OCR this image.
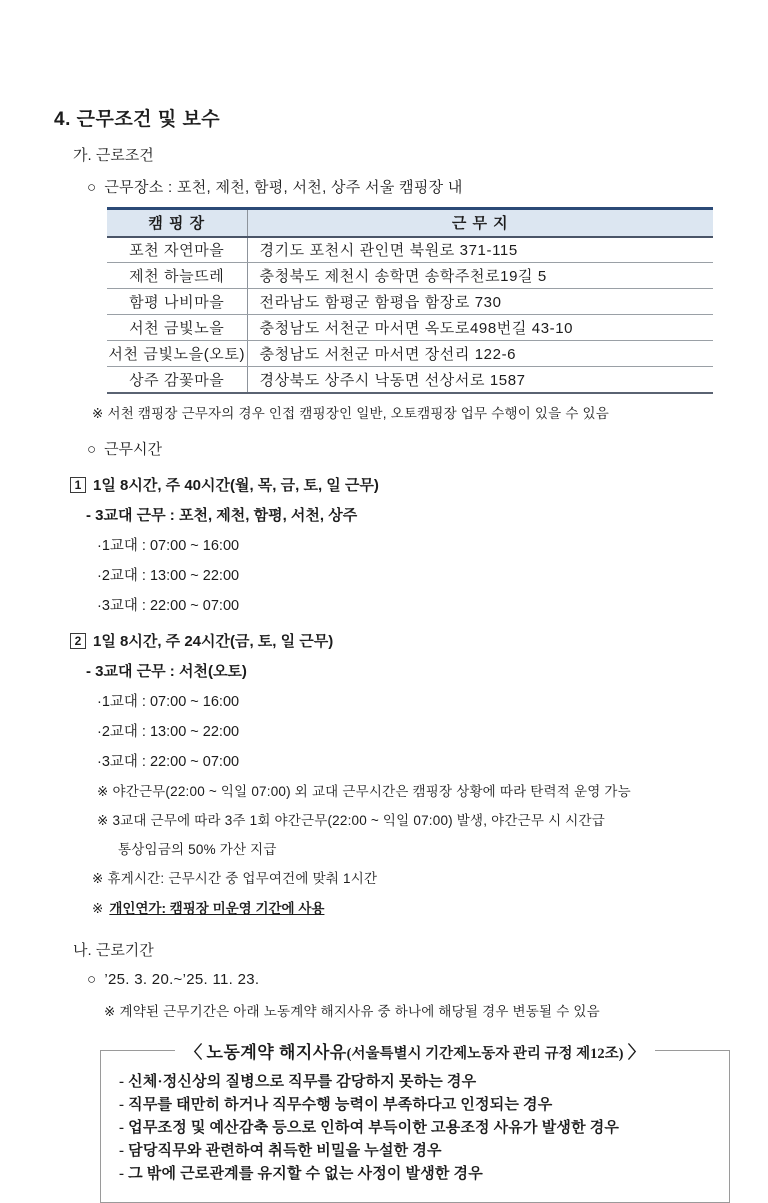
4. 근무조건 및 보수
가. 근로조건
○ 근무장소 : 포천, 제천, 함평, 서천, 상주 서울 캠핑장 내
캠 핑 장	근 무 지
포천 자연마을	경기도 포천시 관인면 북원로 371-115
제천 하늘뜨레	충청북도 제천시 송학면 송학주천로19길 5
함평 나비마을	전라남도 함평군 함평읍 함장로 730
서천 금빛노을	충청남도 서천군 마서면 옥도로498번길 43-10
서천 금빛노을(오토)	충청남도 서천군 마서면 장선리 122-6
상주 감꽃마을	경상북도 상주시 낙동면 선상서로 1587
※ 서천 캠핑장 근무자의 경우 인접 캠핑장인 일반, 오토캠핑장 업무 수행이 있을 수 있음
○ 근무시간
1 1일 8시간, 주 40시간(월, 목, 금, 토, 일 근무)
- 3교대 근무 : 포천, 제천, 함평, 서천, 상주
·1교대 : 07:00 ~ 16:00
·2교대 : 13:00 ~ 22:00
·3교대 : 22:00 ~ 07:00
2 1일 8시간, 주 24시간(금, 토, 일 근무)
- 3교대 근무 : 서천(오토)
·1교대 : 07:00 ~ 16:00
·2교대 : 13:00 ~ 22:00
·3교대 : 22:00 ~ 07:00
※ 야간근무(22:00 ~ 익일 07:00) 외 교대 근무시간은 캠핑장 상황에 따라 탄력적 운영 가능
※ 3교대 근무에 따라 3주 1회 야간근무(22:00 ~ 익일 07:00) 발생, 야간근무 시 시간급
통상임금의 50% 가산 지급
※ 휴게시간: 근무시간 중 업무여건에 맞춰 1시간
※ 개인연가: 캠핑장 미운영 기간에 사용
나. 근로기간
○ ’25. 3. 20.~’25. 11. 23.
※ 계약된 근무기간은 아래 노동계약 해지사유 중 하나에 해당될 경우 변동될 수 있음
〈 노동계약 해지사유(서울특별시 기간제노동자 관리 규정 제12조) 〉
- 신체·정신상의 질병으로 직무를 감당하지 못하는 경우
- 직무를 태만히 하거나 직무수행 능력이 부족하다고 인정되는 경우
- 업무조정 및 예산감축 등으로 인하여 부득이한 고용조정 사유가 발생한 경우
- 담당직무와 관련하여 취득한 비밀을 누설한 경우
- 그 밖에 근로관계를 유지할 수 없는 사정이 발생한 경우
